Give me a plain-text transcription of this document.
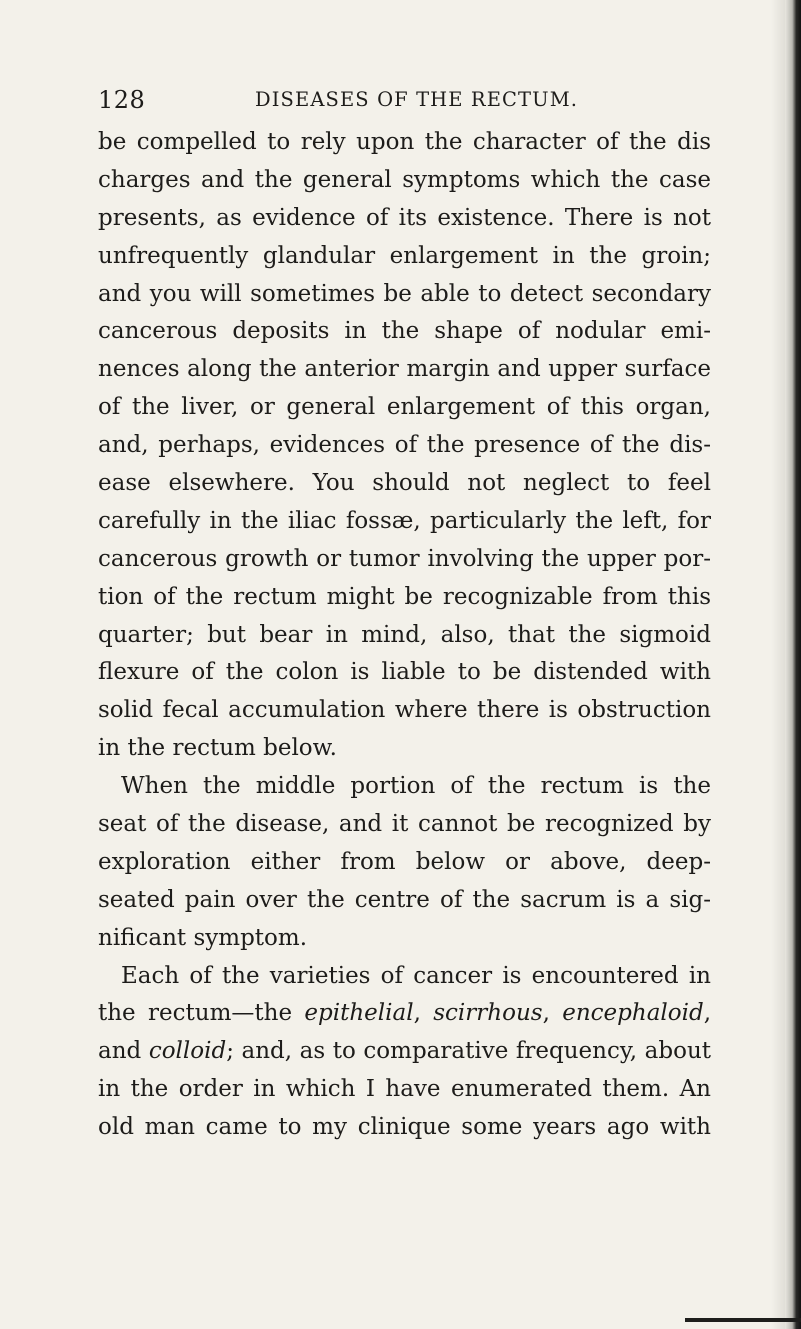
128	DISEASES OF THE RECTUM.
be compelled to rely upon the character of the dis
charges and the general symptoms which the case
presents, as evidence of its existence. There is not
unfrequently glandular enlargement in the groin;
and you will sometimes be able to detect secondary
cancerous deposits in the shape of nodular emi-
nences along the anterior margin and upper surface
of the liver, or general enlargement of this organ,
and, perhaps, evidences of the presence of the dis-
ease elsewhere. You should not neglect to feel
carefully in the iliac fossæ, particularly the left, for
cancerous growth or tumor involving the upper por-
tion of the rectum might be recognizable from this
quarter; but bear in mind, also, that the sigmoid
flexure of the colon is liable to be distended with
solid fecal accumulation where there is obstruction
in the rectum below.
When the middle portion of the rectum is the
seat of the disease, and it cannot be recognized by
exploration either from below or above, deep-
seated pain over the centre of the sacrum is a sig-
nificant symptom.
Each of the varieties of cancer is encountered in
the rectum—the epithelial, scirrhous, encephaloid,
and colloid; and, as to comparative frequency, about
in the order in which I have enumerated them. An
old man came to my clinique some years ago with
